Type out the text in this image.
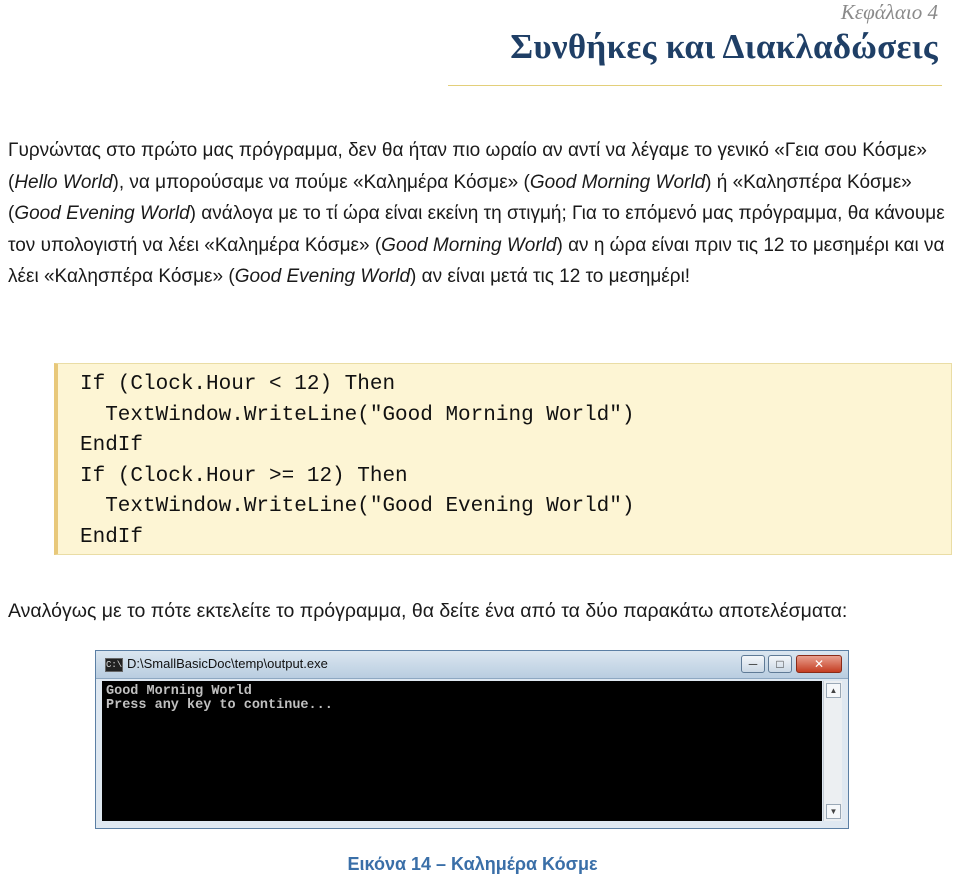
Κεφάλαιο 4
Συνθήκες και Διακλαδώσεις
Γυρνώντας στο πρώτο μας πρόγραμμα, δεν θα ήταν πιο ωραίο αν αντί να λέγαμε το γενικό «Γεια σου Κόσμε» (Hello World), να μπορούσαμε να πούμε «Καλημέρα Κόσμε» (Good Morning World) ή «Καλησπέρα Κόσμε» (Good Evening World) ανάλογα με το τί ώρα είναι εκείνη τη στιγμή; Για το επόμενό μας πρόγραμμα, θα κάνουμε τον υπολογιστή να λέει «Καλημέρα Κόσμε» (Good Morning World) αν η ώρα είναι πριν τις 12 το μεσημέρι και να λέει «Καλησπέρα Κόσμε» (Good Evening World) αν είναι μετά τις 12 το μεσημέρι!
If (Clock.Hour < 12) Then
TextWindow.WriteLine("Good Morning World")
EndIf
If (Clock.Hour >= 12) Then
TextWindow.WriteLine("Good Evening World")
EndIf
Αναλόγως με το πότε εκτελείτε το πρόγραμμα, θα δείτε ένα από τα δύο παρακάτω αποτελέσματα:
C:\ D:\SmallBasicDoc\temp\output.exe	─	□	✕
Good Morning World
Press any key to continue...
▲
▼
Εικόνα 14 – Καλημέρα Κόσμε
